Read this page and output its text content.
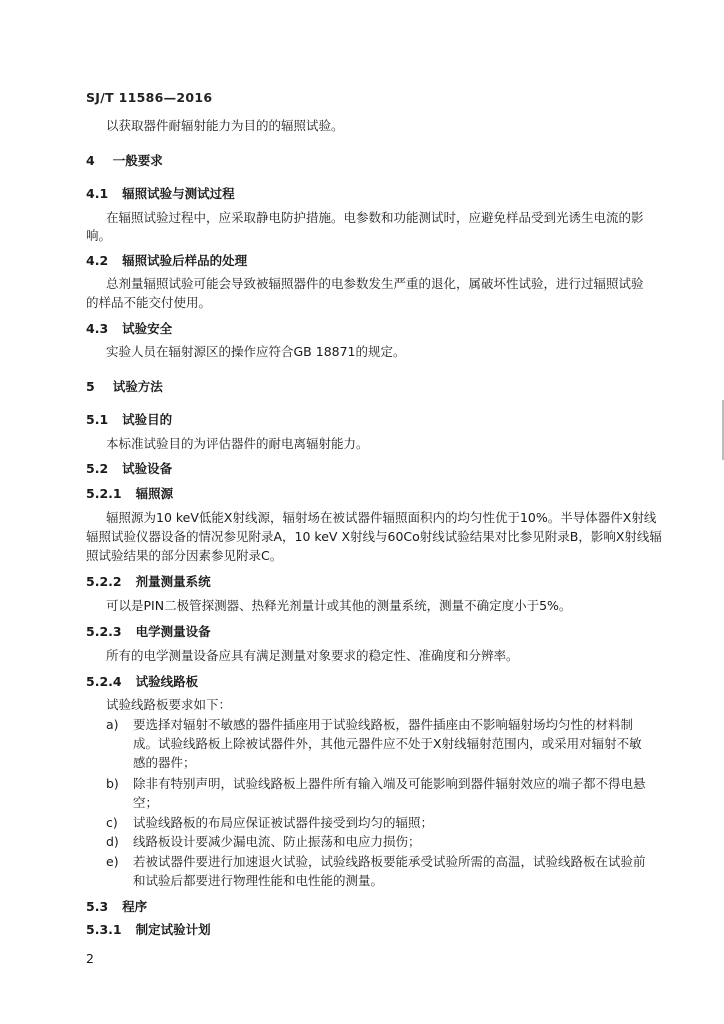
SJ/T 11586—2016
以获取器件耐辐射能力为目的的辐照试验。
4 一般要求
4.1 辐照试验与测试过程
在辐照试验过程中，应采取静电防护措施。电参数和功能测试时，应避免样品受到光诱生电流的影
响。
4.2 辐照试验后样品的处理
总剂量辐照试验可能会导致被辐照器件的电参数发生严重的退化，属破坏性试验，进行过辐照试验
的样品不能交付使用。
4.3 试验安全
实验人员在辐射源区的操作应符合GB 18871的规定。
5 试验方法
5.1 试验目的
本标准试验目的为评估器件的耐电离辐射能力。
5.2 试验设备
5.2.1 辐照源
辐照源为10 keV低能X射线源，辐射场在被试器件辐照面积内的均匀性优于10%。半导体器件X射线
辐照试验仪器设备的情况参见附录A，10 keV X射线与60Co射线试验结果对比参见附录B，影响X射线辐
照试验结果的部分因素参见附录C。
5.2.2 剂量测量系统
可以是PIN二极管探测器、热释光剂量计或其他的测量系统，测量不确定度小于5%。
5.2.3 电学测量设备
所有的电学测量设备应具有满足测量对象要求的稳定性、准确度和分辨率。
5.2.4 试验线路板
试验线路板要求如下：
a) 要选择对辐射不敏感的器件插座用于试验线路板，器件插座由不影响辐射场均匀性的材料制
成。试验线路板上除被试器件外，其他元器件应不处于X射线辐射范围内，或采用对辐射不敏
感的器件；
b) 除非有特别声明，试验线路板上器件所有输入端及可能影响到器件辐射效应的端子都不得电悬
空；
c) 试验线路板的布局应保证被试器件接受到均匀的辐照；
d) 线路板设计要减少漏电流、防止振荡和电应力损伤；
e) 若被试器件要进行加速退火试验，试验线路板要能承受试验所需的高温，试验线路板在试验前
和试验后都要进行物理性能和电性能的测量。
5.3 程序
5.3.1 制定试验计划
2
